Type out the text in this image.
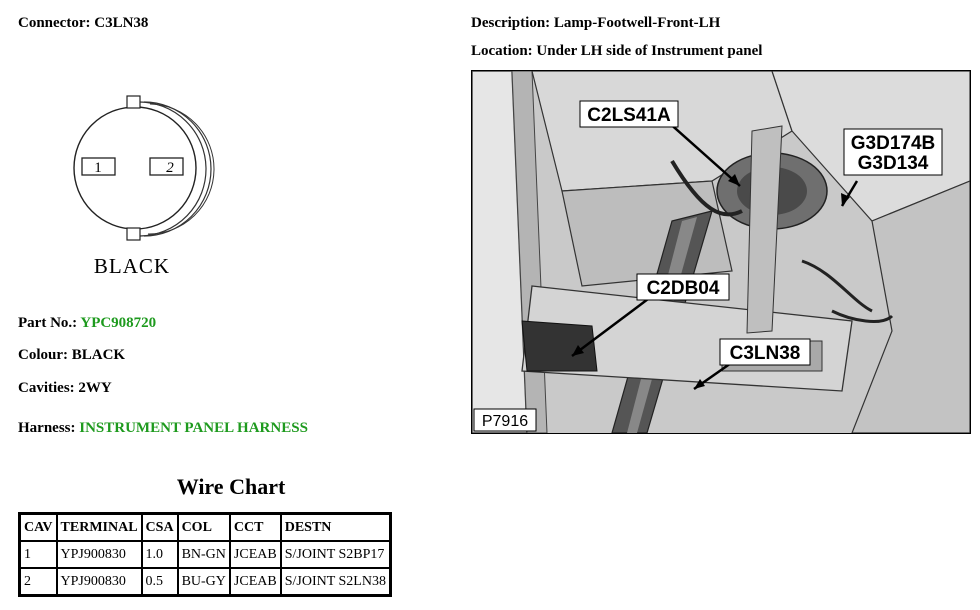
Connector: C3LN38
1	2
BLACK
Part No.: YPC908720
Colour: BLACK
Cavities: 2WY
Harness: INSTRUMENT PANEL HARNESS
Description: Lamp-Footwell-Front-LH
Location: Under LH side of Instrument panel
C2LS41A
G3D174B
G3D134
C2DB04
C3LN38
P7916
Wire Chart
CAV	TERMINAL	CSA	COL	CCT	DESTN
1	YPJ900830	1.0	BN-GN	JCEAB	S/JOINT S2BP17
2	YPJ900830	0.5	BU-GY	JCEAB	S/JOINT S2LN38
